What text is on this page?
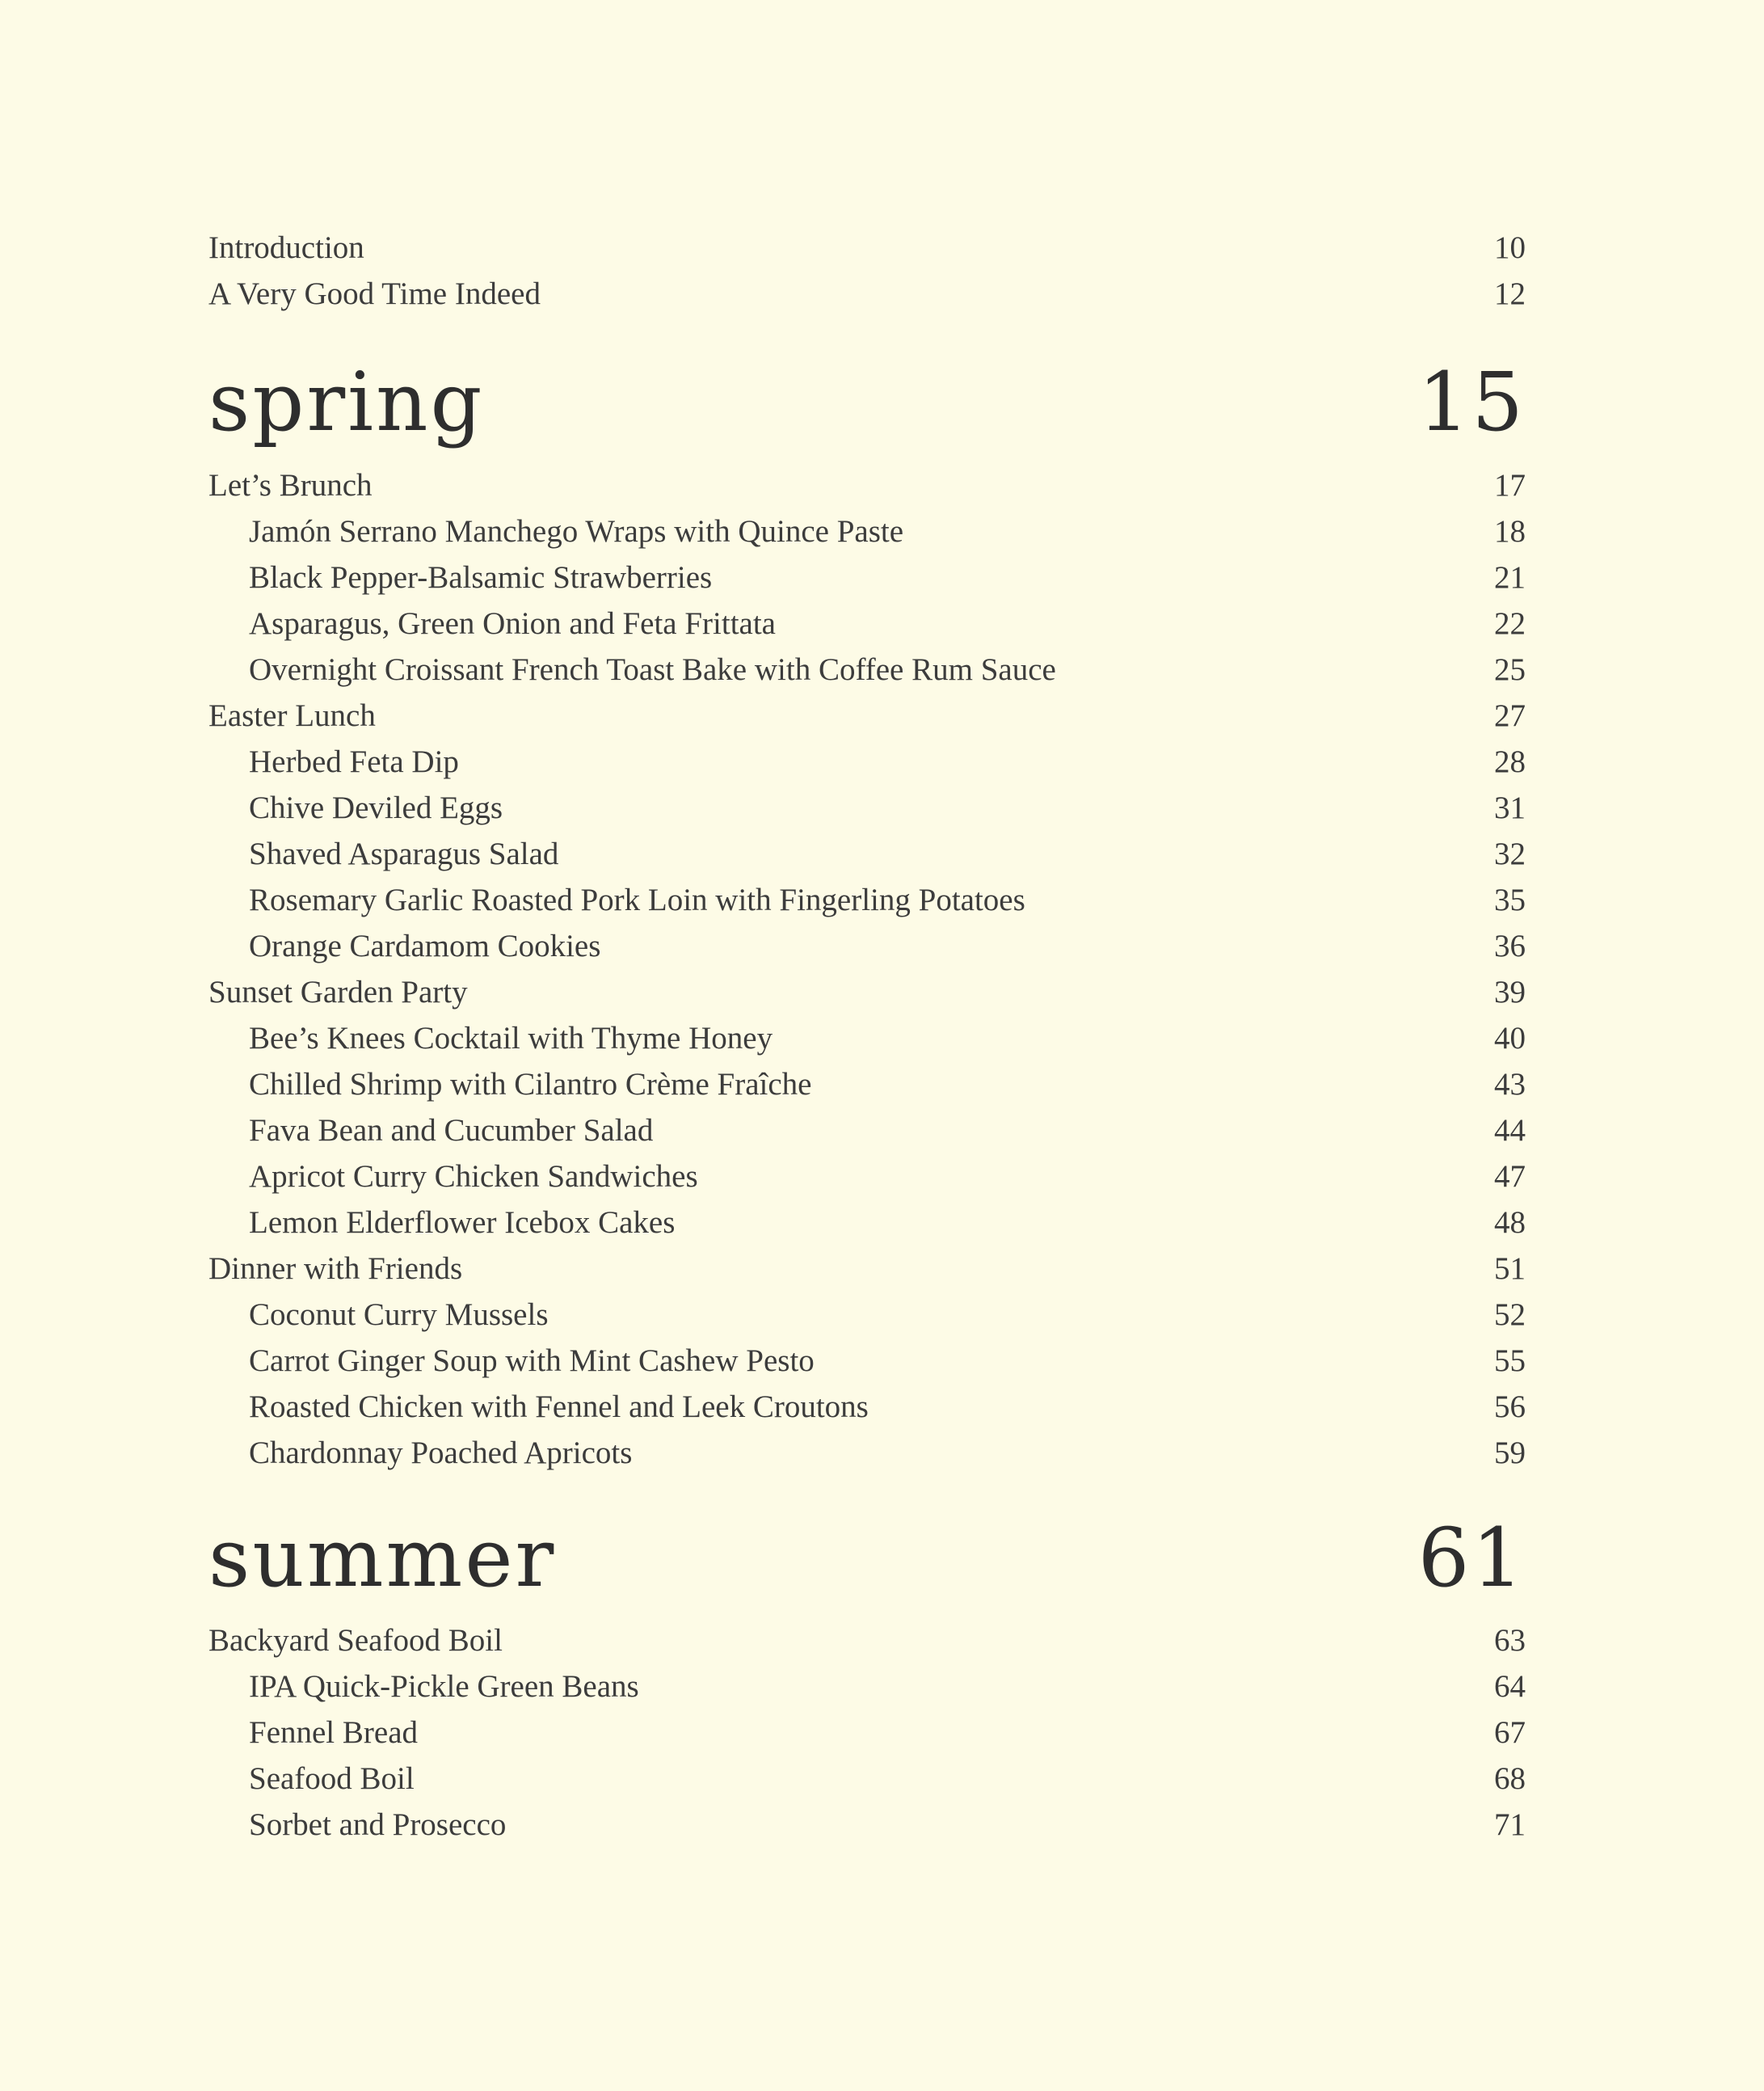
Introduction	10
A Very Good Time Indeed	12
spring	15
Let’s Brunch	17
Jamón Serrano Manchego Wraps with Quince Paste	18
Black Pepper-Balsamic Strawberries	21
Asparagus, Green Onion and Feta Frittata	22
Overnight Croissant French Toast Bake with Coffee Rum Sauce	25
Easter Lunch	27
Herbed Feta Dip	28
Chive Deviled Eggs	31
Shaved Asparagus Salad	32
Rosemary Garlic Roasted Pork Loin with Fingerling Potatoes	35
Orange Cardamom Cookies	36
Sunset Garden Party	39
Bee’s Knees Cocktail with Thyme Honey	40
Chilled Shrimp with Cilantro Crème Fraîche	43
Fava Bean and Cucumber Salad	44
Apricot Curry Chicken Sandwiches	47
Lemon Elderflower Icebox Cakes	48
Dinner with Friends	51
Coconut Curry Mussels	52
Carrot Ginger Soup with Mint Cashew Pesto	55
Roasted Chicken with Fennel and Leek Croutons	56
Chardonnay Poached Apricots	59
summer	61
Backyard Seafood Boil	63
IPA Quick-Pickle Green Beans	64
Fennel Bread	67
Seafood Boil	68
Sorbet and Prosecco	71
